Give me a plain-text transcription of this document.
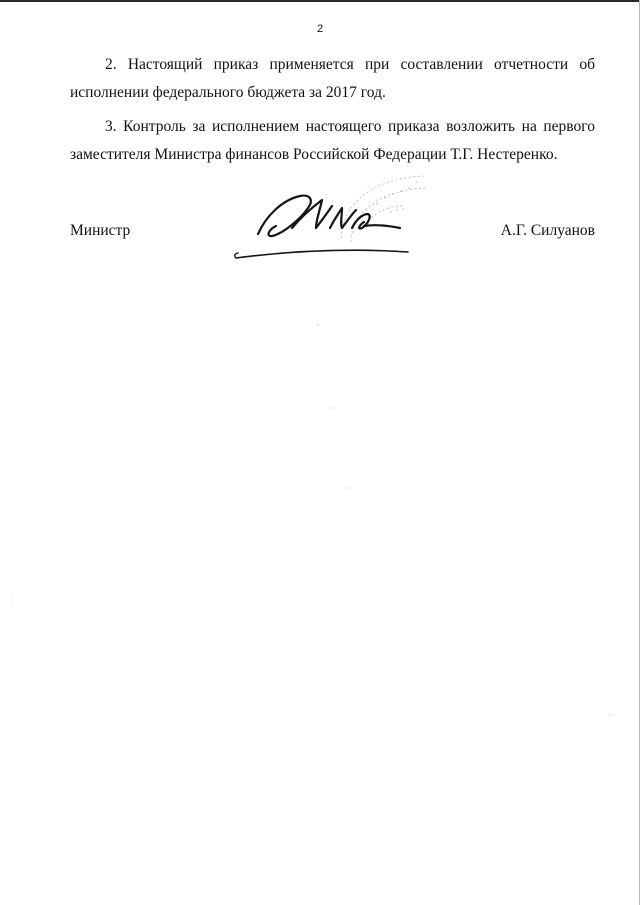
2

2. Настоящий приказ применяется при составлении отчетности об исполнении федерального бюджета за 2017 год.

3. Контроль за исполнением настоящего приказа возложить на первого заместителя Министра финансов Российской Федерации Т.Г. Нестеренко.

Министр	А.Г. Силуанов
